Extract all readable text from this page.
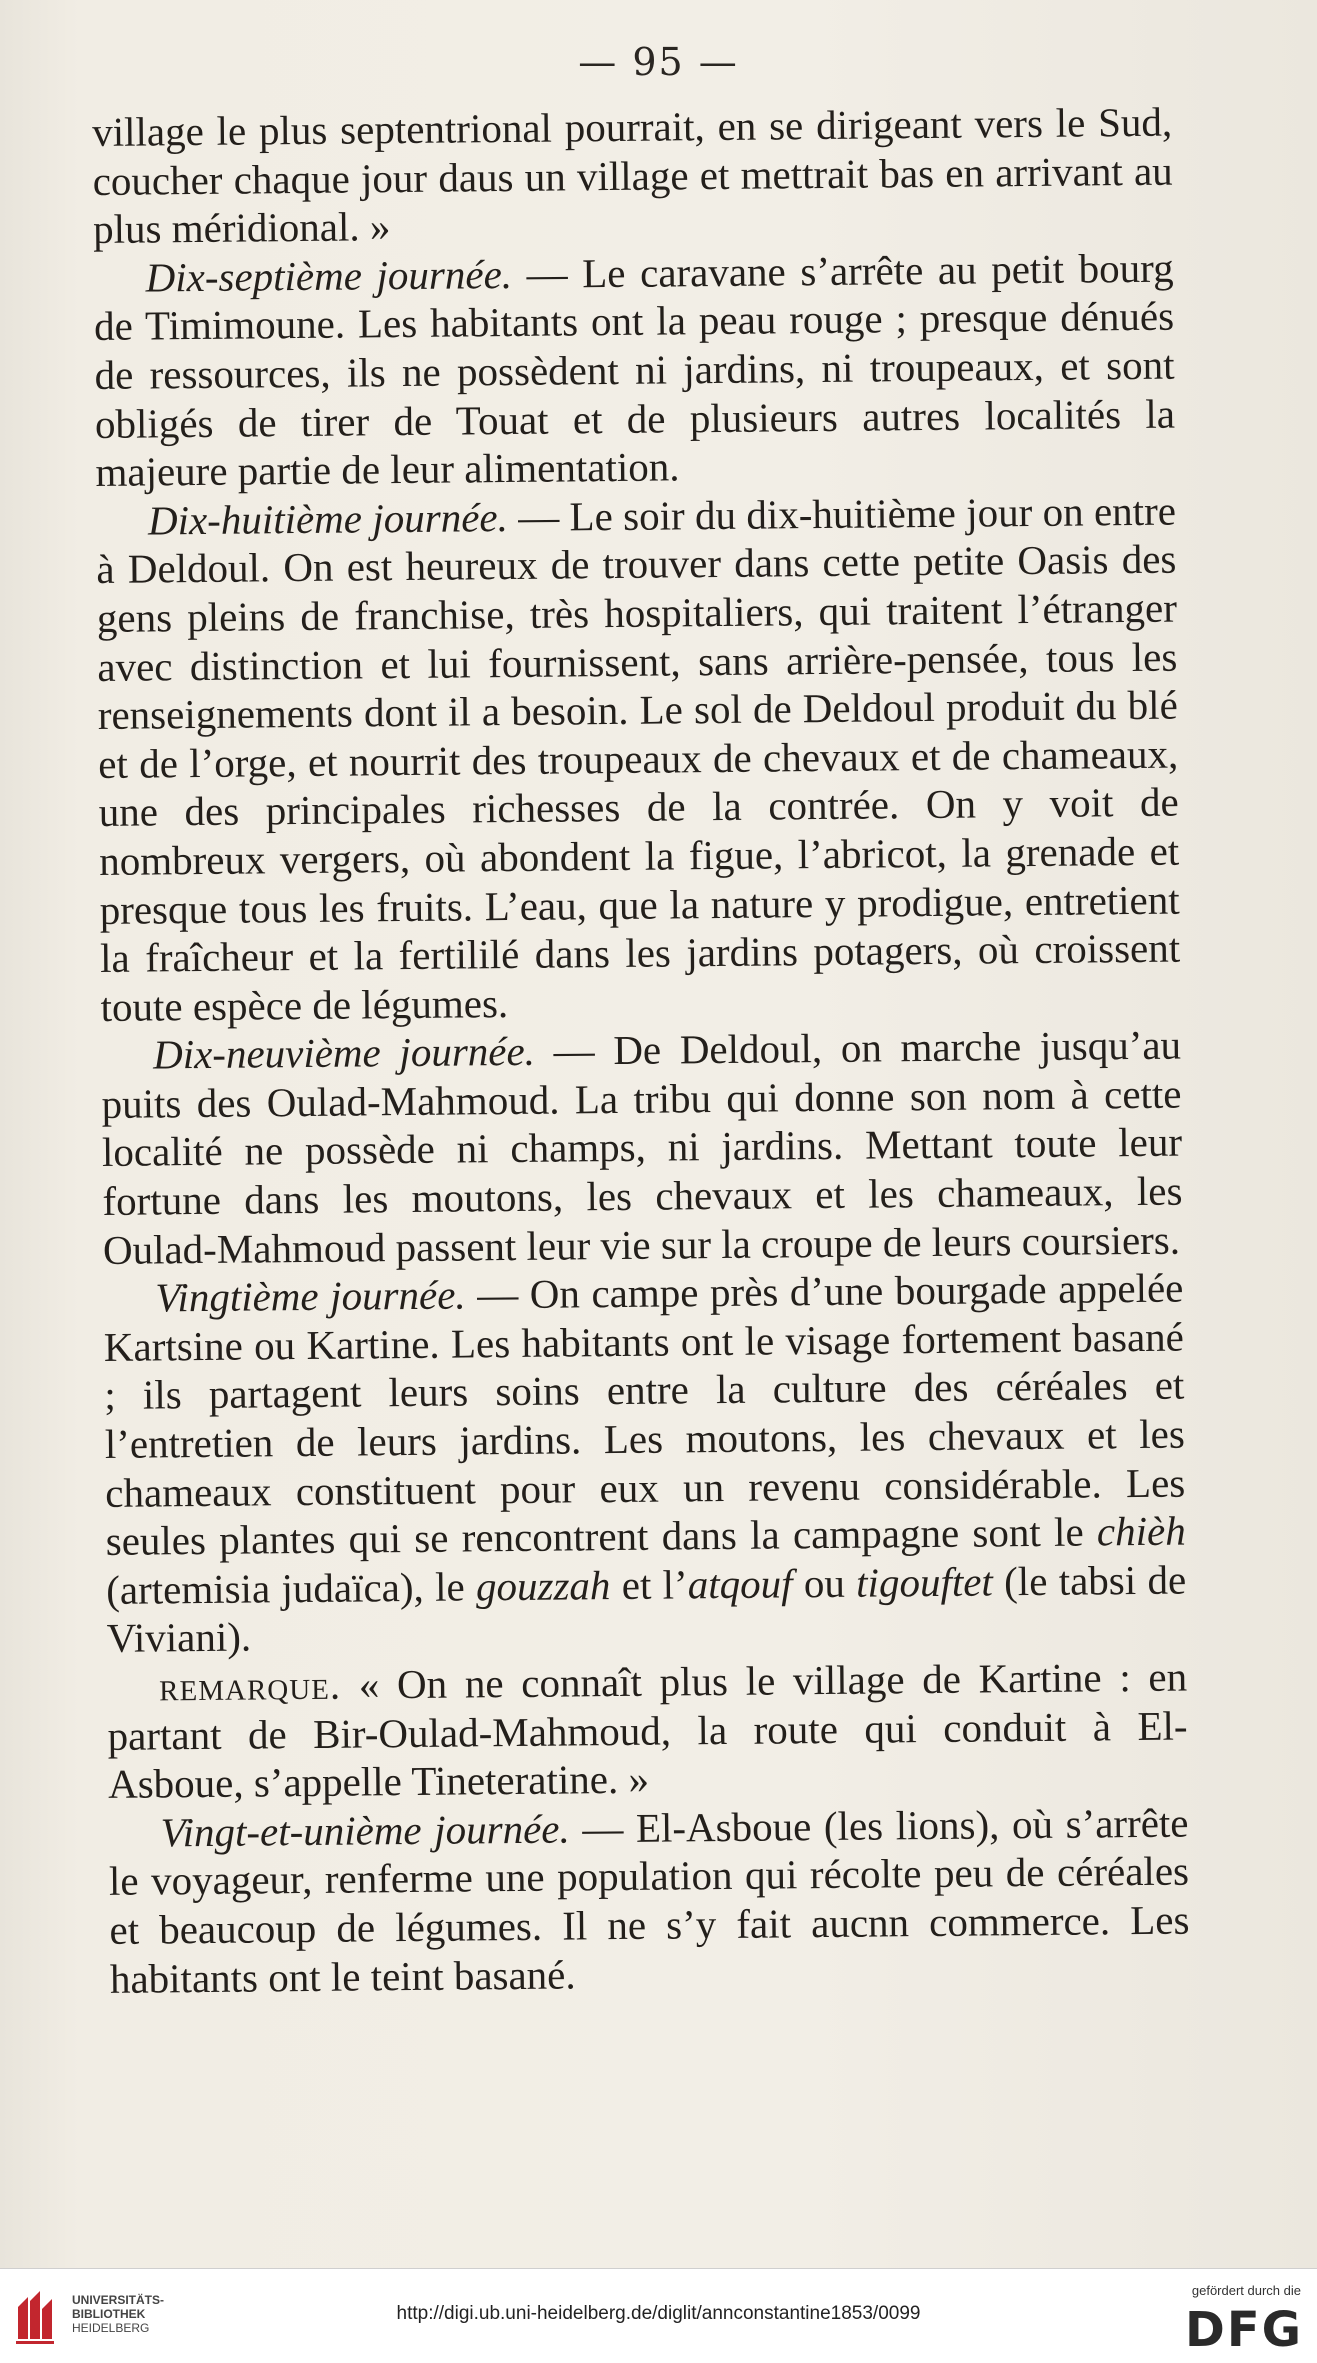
— 95 —

village le plus septentrional pourrait, en se dirigeant vers le Sud, coucher chaque jour daus un village et mettrait bas en arrivant au plus méridional. »

Dix-septième journée. — Le caravane s’arrête au petit bourg de Timimoune. Les habitants ont la peau rouge ; presque dénués de ressources, ils ne possèdent ni jardins, ni troupeaux, et sont obligés de tirer de Touat et de plusieurs autres localités la majeure partie de leur alimentation.

Dix-huitième journée. — Le soir du dix-huitième jour on entre à Deldoul. On est heureux de trouver dans cette petite Oasis des gens pleins de franchise, très hospitaliers, qui traitent l’étranger avec distinction et lui fournissent, sans arrière-pensée, tous les renseignements dont il a besoin. Le sol de Deldoul produit du blé et de l’orge, et nourrit des troupeaux de chevaux et de chameaux, une des principales richesses de la contrée. On y voit de nombreux vergers, où abondent la figue, l’abricot, la grenade et presque tous les fruits. L’eau, que la nature y prodigue, entretient la fraîcheur et la fertililé dans les jardins potagers, où croissent toute espèce de légumes.

Dix-neuvième journée. — De Deldoul, on marche jusqu’au puits des Oulad-Mahmoud. La tribu qui donne son nom à cette localité ne possède ni champs, ni jardins. Mettant toute leur fortune dans les moutons, les chevaux et les chameaux, les Oulad-Mahmoud passent leur vie sur la croupe de leurs coursiers.

Vingtième journée. — On campe près d’une bourgade appelée Kartsine ou Kartine. Les habitants ont le visage fortement basané ; ils partagent leurs soins entre la culture des céréales et l’entretien de leurs jardins. Les moutons, les chevaux et les chameaux constituent pour eux un revenu considérable. Les seules plantes qui se rencontrent dans la campagne sont le chièh (artemisia judaïca), le gouzzah et l’atqouf ou tigouftet (le tabsi de Viviani).

remarque. « On ne connaît plus le village de Kartine : en partant de Bir-Oulad-Mahmoud, la route qui conduit à El-Asboue, s’appelle Tineteratine. »

Vingt-et-unième journée. — El-Asboue (les lions), où s’arrête le voyageur, renferme une population qui récolte peu de céréales et beaucoup de légumes. Il ne s’y fait aucnn commerce. Les habitants ont le teint basané.

UNIVERSITÄTS-
BIBLIOTHEK
HEIDELBERG
http://digi.ub.uni-heidelberg.de/diglit/annconstantine1853/0099
gefördert durch die
DFG
